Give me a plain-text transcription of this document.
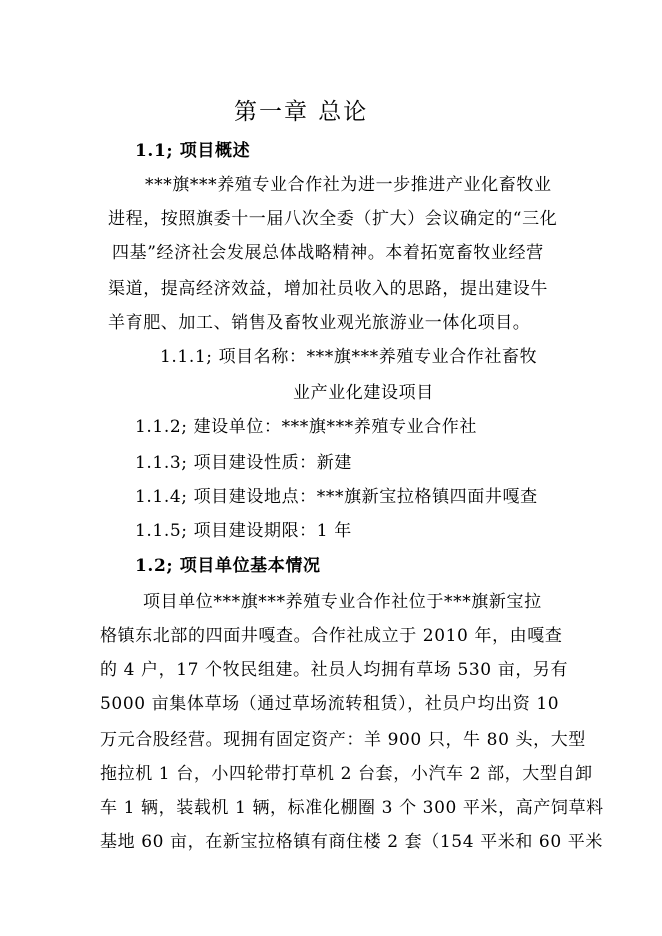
第一章 总论
1.1; 项目概述
***旗***养殖专业合作社为进一步推进产业化畜牧业
进程，按照旗委十一届八次全委（扩大）会议确定的“三化
四基”经济社会发展总体战略精神。本着拓宽畜牧业经营
渠道，提高经济效益，增加社员收入的思路，提出建设牛
羊育肥、加工、销售及畜牧业观光旅游业一体化项目。
1.1.1; 项目名称：***旗***养殖专业合作社畜牧
业产业化建设项目
1.1.2; 建设单位：***旗***养殖专业合作社
1.1.3; 项目建设性质：新建
1.1.4; 项目建设地点：***旗新宝拉格镇四面井嘎查
1.1.5; 项目建设期限：1 年
1.2; 项目单位基本情况
项目单位***旗***养殖专业合作社位于***旗新宝拉
格镇东北部的四面井嘎查。合作社成立于 2010 年，由嘎查
的 4 户，17 个牧民组建。社员人均拥有草场 530 亩，另有
5000 亩集体草场（通过草场流转租赁），社员户均出资 10
万元合股经营。现拥有固定资产：羊 900 只，牛 80 头，大型
拖拉机 1 台，小四轮带打草机 2 台套，小汽车 2 部，大型自卸
车 1 辆，装载机 1 辆，标准化棚圈 3 个 300 平米，高产饲草料
基地 60 亩，在新宝拉格镇有商住楼 2 套（154 平米和 60 平米
